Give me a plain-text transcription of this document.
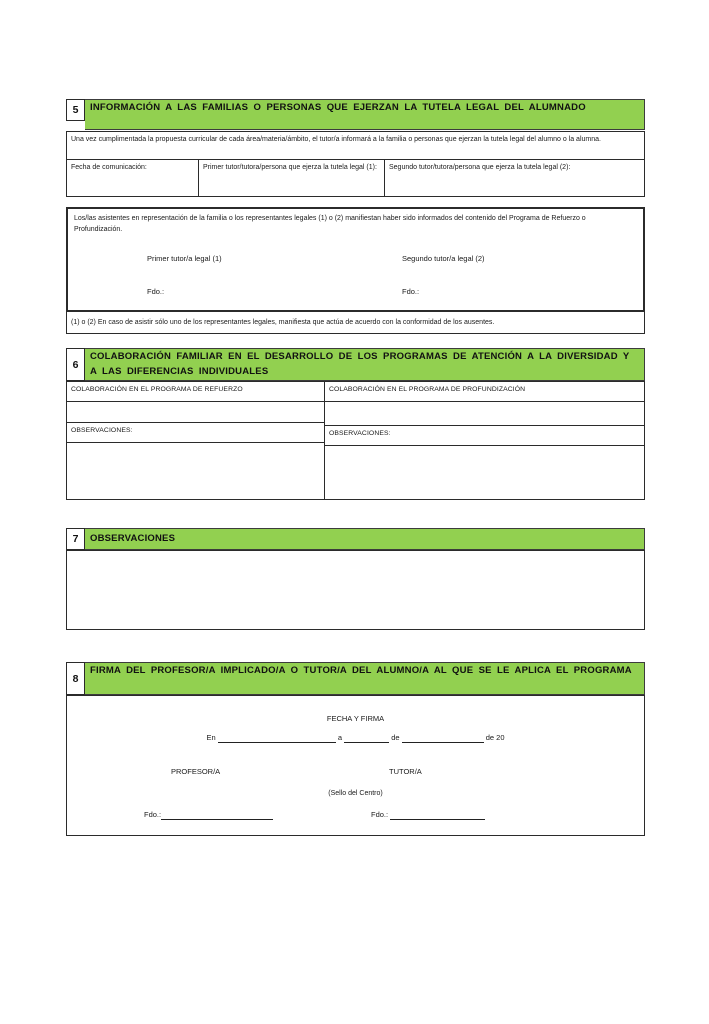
5	INFORMACIÓN A LAS FAMILIAS O PERSONAS QUE EJERZAN LA TUTELA LEGAL DEL ALUMNADO
Una vez cumplimentada la propuesta curricular de cada área/materia/ámbito, el tutor/a informará a la familia o personas que ejerzan la tutela legal del alumno o la alumna.
Fecha de comunicación:	Primer tutor/tutora/persona que ejerza la tutela legal (1):	Segundo tutor/tutora/persona que ejerza la tutela legal (2):
Los/las asistentes en representación de la familia o los representantes legales (1) o (2) manifiestan haber sido informados del contenido del Programa de Refuerzo o Profundización.
Primer tutor/a legal (1)	Segundo tutor/a legal (2)
Fdo.:	Fdo.:
(1) o (2) En caso de asistir sólo uno de los representantes legales, manifiesta que actúa de acuerdo con la conformidad de los ausentes.
6
COLABORACIÓN FAMILIAR EN EL DESARROLLO DE LOS PROGRAMAS DE ATENCIÓN A LA DIVERSIDAD Y A LAS DIFERENCIAS INDIVIDUALES
COLABORACIÓN EN EL PROGRAMA DE REFUERZO
OBSERVACIONES:
COLABORACIÓN EN EL PROGRAMA DE PROFUNDIZACIÓN
OBSERVACIONES:
7	OBSERVACIONES
8
FIRMA DEL PROFESOR/A IMPLICADO/A O TUTOR/A DEL ALUMNO/A AL QUE SE LE APLICA EL PROGRAMA
FECHA Y FIRMA
En	a	de	de 20
PROFESOR/A	TUTOR/A
(Sello del Centro)
Fdo.:	Fdo.:
